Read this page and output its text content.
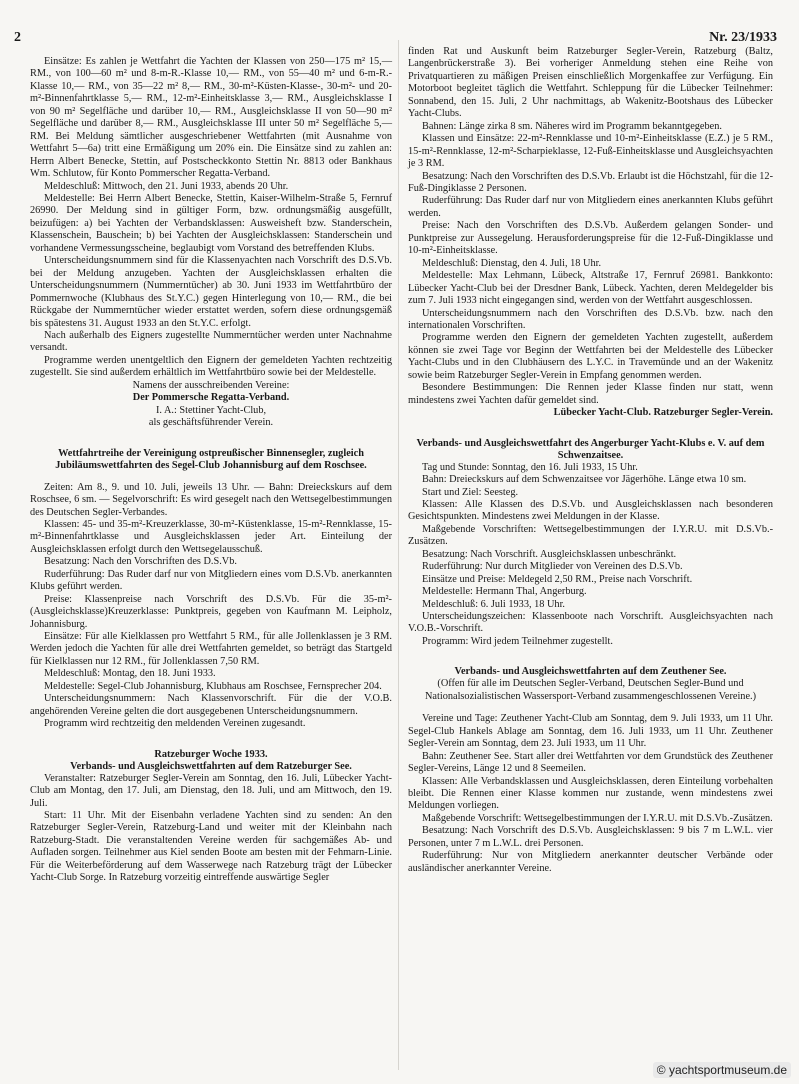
2	Nr. 23/1933

Einsätze: Es zahlen je Wettfahrt die Yachten der Klassen von 250—175 m² 15,— RM., von 100—60 m² und 8-m-R.-Klasse 10,— RM., von 55—40 m² und 6-m-R.-Klasse 10,— RM., von 35—22 m² 8,— RM., 30-m²-Küsten-Klasse-, 30-m²- und 20-m²-Binnenfahrtklasse 5,— RM., 12-m²-Einheitsklasse 3,— RM., Ausgleichsklasse I von 90 m² Segelfläche und darüber 10,— RM., Ausgleichsklasse II von 50—90 m² Segelfläche und darüber 8,— RM., Ausgleichsklasse III unter 50 m² Segelfläche 5,— RM. Bei Meldung sämtlicher ausgeschriebener Wettfahrten (mit Ausnahme von Wettfahrt 5—6a) tritt eine Ermäßigung um 20% ein. Die Einsätze sind zu zahlen an: Herrn Albert Benecke, Stettin, auf Postscheckkonto Stettin Nr. 8813 oder Bankhaus Wm. Schlutow, für Konto Pommerscher Regatta-Verband.

Meldeschluß: Mittwoch, den 21. Juni 1933, abends 20 Uhr.

Meldestelle: Bei Herrn Albert Benecke, Stettin, Kaiser-Wilhelm-Straße 5, Fernruf 26990. Der Meldung sind in gültiger Form, bzw. ordnungsmäßig ausgefüllt, beizufügen: a) bei Yachten der Verbandsklassen: Ausweisheft bzw. Standerschein, Klassenschein, Bauschein; b) bei Yachten der Ausgleichsklassen: Standerschein und vorhandene Vermessungsscheine, beglaubigt vom Vorstand des betreffenden Klubs.

Unterscheidungsnummern sind für die Klassenyachten nach Vorschrift des D.S.Vb. bei der Meldung anzugeben. Yachten der Ausgleichsklassen erhalten die Unterscheidungsnummern (Nummerntücher) ab 30. Juni 1933 im Wettfahrtbüro der Pommernwoche (Klubhaus des St.Y.C.) gegen Hinterlegung von 10,— RM., die bei Rückgabe der Nummerntücher wieder erstattet werden, sofern diese ordnungsgemäß bis spätestens 31. August 1933 an den St.Y.C. erfolgt.

Nach außerhalb des Eigners zugestellte Nummerntücher werden unter Nachnahme versandt.

Programme werden unentgeltlich den Eignern der gemeldeten Yachten rechtzeitig zugestellt. Sie sind außerdem erhältlich im Wettfahrtbüro sowie bei der Meldestelle.

Namens der ausschreibenden Vereine:

Der Pommersche Regatta-Verband.

I. A.: Stettiner Yacht-Club,

als geschäftsführender Verein.

Wettfahrtreihe der Vereinigung ostpreußischer Binnensegler, zugleich Jubiläumswettfahrten des Segel-Club Johannisburg auf dem Roschsee.

Zeiten: Am 8., 9. und 10. Juli, jeweils 13 Uhr. — Bahn: Dreieckskurs auf dem Roschsee, 6 sm. — Segelvorschrift: Es wird gesegelt nach den Wettsegelbestimmungen des Deutschen Segler-Verbandes.

Klassen: 45- und 35-m²-Kreuzerklasse, 30-m²-Küstenklasse, 15-m²-Rennklasse, 15-m²-Binnenfahrtklasse und Ausgleichsklassen jeder Art. Einteilung der Ausgleichsklassen erfolgt durch den Wettsegelausschuß.

Besatzung: Nach den Vorschriften des D.S.Vb.

Ruderführung: Das Ruder darf nur von Mitgliedern eines vom D.S.Vb. anerkannten Klubs geführt werden.

Preise: Klassenpreise nach Vorschrift des D.S.Vb. Für die 35-m²-(Ausgleichsklasse)Kreuzerklasse: Punktpreis, gegeben von Kaufmann M. Leipholz, Johannisburg.

Einsätze: Für alle Kielklassen pro Wettfahrt 5 RM., für alle Jollenklassen je 3 RM. Werden jedoch die Yachten für alle drei Wettfahrten gemeldet, so beträgt das Startgeld für Kielklassen nur 12 RM., für Jollenklassen 7,50 RM.

Meldeschluß: Montag, den 18. Juni 1933.

Meldestelle: Segel-Club Johannisburg, Klubhaus am Roschsee, Fernsprecher 204.

Unterscheidungsnummern: Nach Klassenvorschrift. Für die der V.O.B. angehörenden Vereine gelten die dort ausgegebenen Unterscheidungsnummern.

Programm wird rechtzeitig den meldenden Vereinen zugesandt.

Ratzeburger Woche 1933.

Verbands- und Ausgleichswettfahrten auf dem Ratzeburger See.

Veranstalter: Ratzeburger Segler-Verein am Sonntag, den 16. Juli, Lübecker Yacht-Club am Montag, den 17. Juli, am Dienstag, den 18. Juli, und am Mittwoch, den 19. Juli.

Start: 11 Uhr. Mit der Eisenbahn verladene Yachten sind zu senden: An den Ratzeburger Segler-Verein, Ratzeburg-Land und weiter mit der Kleinbahn nach Ratzeburg-Stadt. Die veranstaltenden Vereine werden für sachgemäßes Ab- und Aufladen sorgen. Teilnehmer aus Kiel senden Boote am besten mit der Fehmarn-Linie. Für die Weiterbeförderung auf dem Wasserwege nach Ratzeburg trägt der Lübecker Yacht-Club Sorge. In Ratzeburg vorzeitig eintreffende auswärtige Segler

finden Rat und Auskunft beim Ratzeburger Segler-Verein, Ratzeburg (Baltz, Langenbrückerstraße 3). Bei vorheriger Anmeldung stehen eine Reihe von Privatquartieren zu mäßigen Preisen einschließlich Morgenkaffee zur Verfügung. Ein Motorboot begleitet täglich die Wettfahrt. Schleppung für die Lübecker Teilnehmer: Sonnabend, den 15. Juli, 2 Uhr nachmittags, ab Wakenitz-Bootshaus des Lübecker Yacht-Clubs.

Bahnen: Länge zirka 8 sm. Näheres wird im Programm bekanntgegeben.

Klassen und Einsätze: 22-m²-Rennklasse und 10-m²-Einheitsklasse (E.Z.) je 5 RM., 15-m²-Rennklasse, 12-m²-Scharpieklasse, 12-Fuß-Einheitsklasse und Ausgleichsyachten je 3 RM.

Besatzung: Nach den Vorschriften des D.S.Vb. Erlaubt ist die Höchstzahl, für die 12-Fuß-Dingiklasse 2 Personen.

Ruderführung: Das Ruder darf nur von Mitgliedern eines anerkannten Klubs geführt werden.

Preise: Nach den Vorschriften des D.S.Vb. Außerdem gelangen Sonder- und Punktpreise zur Aussegelung. Herausforderungspreise für die 12-Fuß-Dingiklasse und 10-m²-Einheitsklasse.

Meldeschluß: Dienstag, den 4. Juli, 18 Uhr.

Meldestelle: Max Lehmann, Lübeck, Altstraße 17, Fernruf 26981. Bankkonto: Lübecker Yacht-Club bei der Dresdner Bank, Lübeck. Yachten, deren Meldegelder bis zum 7. Juli 1933 nicht eingegangen sind, werden von der Wettfahrt ausgeschlossen.

Unterscheidungsnummern nach den Vorschriften des D.S.Vb. bzw. nach den internationalen Vorschriften.

Programme werden den Eignern der gemeldeten Yachten zugestellt, außerdem können sie zwei Tage vor Beginn der Wettfahrten bei der Meldestelle des Lübecker Yacht-Clubs und in den Clubhäusern des L.Y.C. in Travemünde und an der Wakenitz sowie beim Ratzeburger Segler-Verein in Empfang genommen werden.

Besondere Bestimmungen: Die Rennen jeder Klasse finden nur statt, wenn mindestens zwei Yachten dafür gemeldet sind.

Lübecker Yacht-Club. Ratzeburger Segler-Verein.

Verbands- und Ausgleichswettfahrt des Angerburger Yacht-Klubs e. V. auf dem Schwenzaitsee.

Tag und Stunde: Sonntag, den 16. Juli 1933, 15 Uhr.

Bahn: Dreieckskurs auf dem Schwenzaitsee vor Jägerhöhe. Länge etwa 10 sm.

Start und Ziel: Seesteg.

Klassen: Alle Klassen des D.S.Vb. und Ausgleichsklassen nach besonderen Gesichtspunkten. Mindestens zwei Meldungen in der Klasse.

Maßgebende Vorschriften: Wettsegelbestimmungen der I.Y.R.U. mit D.S.Vb.-Zusätzen.

Besatzung: Nach Vorschrift. Ausgleichsklassen unbeschränkt.

Ruderführung: Nur durch Mitglieder von Vereinen des D.S.Vb.

Einsätze und Preise: Meldegeld 2,50 RM., Preise nach Vorschrift.

Meldestelle: Hermann Thal, Angerburg.

Meldeschluß: 6. Juli 1933, 18 Uhr.

Unterscheidungszeichen: Klassenboote nach Vorschrift. Ausgleichsyachten nach V.O.B.-Vorschrift.

Programm: Wird jedem Teilnehmer zugestellt.

Verbands- und Ausgleichswettfahrten auf dem Zeuthener See.

(Offen für alle im Deutschen Segler-Verband, Deutschen Segler-Bund und Nationalsozialistischen Wassersport-Verband zusammengeschlossenen Vereine.)

Vereine und Tage: Zeuthener Yacht-Club am Sonntag, dem 9. Juli 1933, um 11 Uhr. Segel-Club Hankels Ablage am Sonntag, dem 16. Juli 1933, um 11 Uhr. Zeuthener Segler-Verein am Sonntag, dem 23. Juli 1933, um 11 Uhr.

Bahn: Zeuthener See. Start aller drei Wettfahrten vor dem Grundstück des Zeuthener Segler-Vereins, Länge 12 und 8 Seemeilen.

Klassen: Alle Verbandsklassen und Ausgleichsklassen, deren Einteilung vorbehalten bleibt. Die Rennen einer Klasse kommen nur zustande, wenn mindestens zwei Meldungen vorliegen.

Maßgebende Vorschrift: Wettsegelbestimmungen der I.Y.R.U. mit D.S.Vb.-Zusätzen.

Besatzung: Nach Vorschrift des D.S.Vb. Ausgleichsklassen: 9 bis 7 m L.W.L. vier Personen, unter 7 m L.W.L. drei Personen.

Ruderführung: Nur von Mitgliedern anerkannter deutscher Verbände oder ausländischer anerkannter Vereine.

© yachtsportmuseum.de
